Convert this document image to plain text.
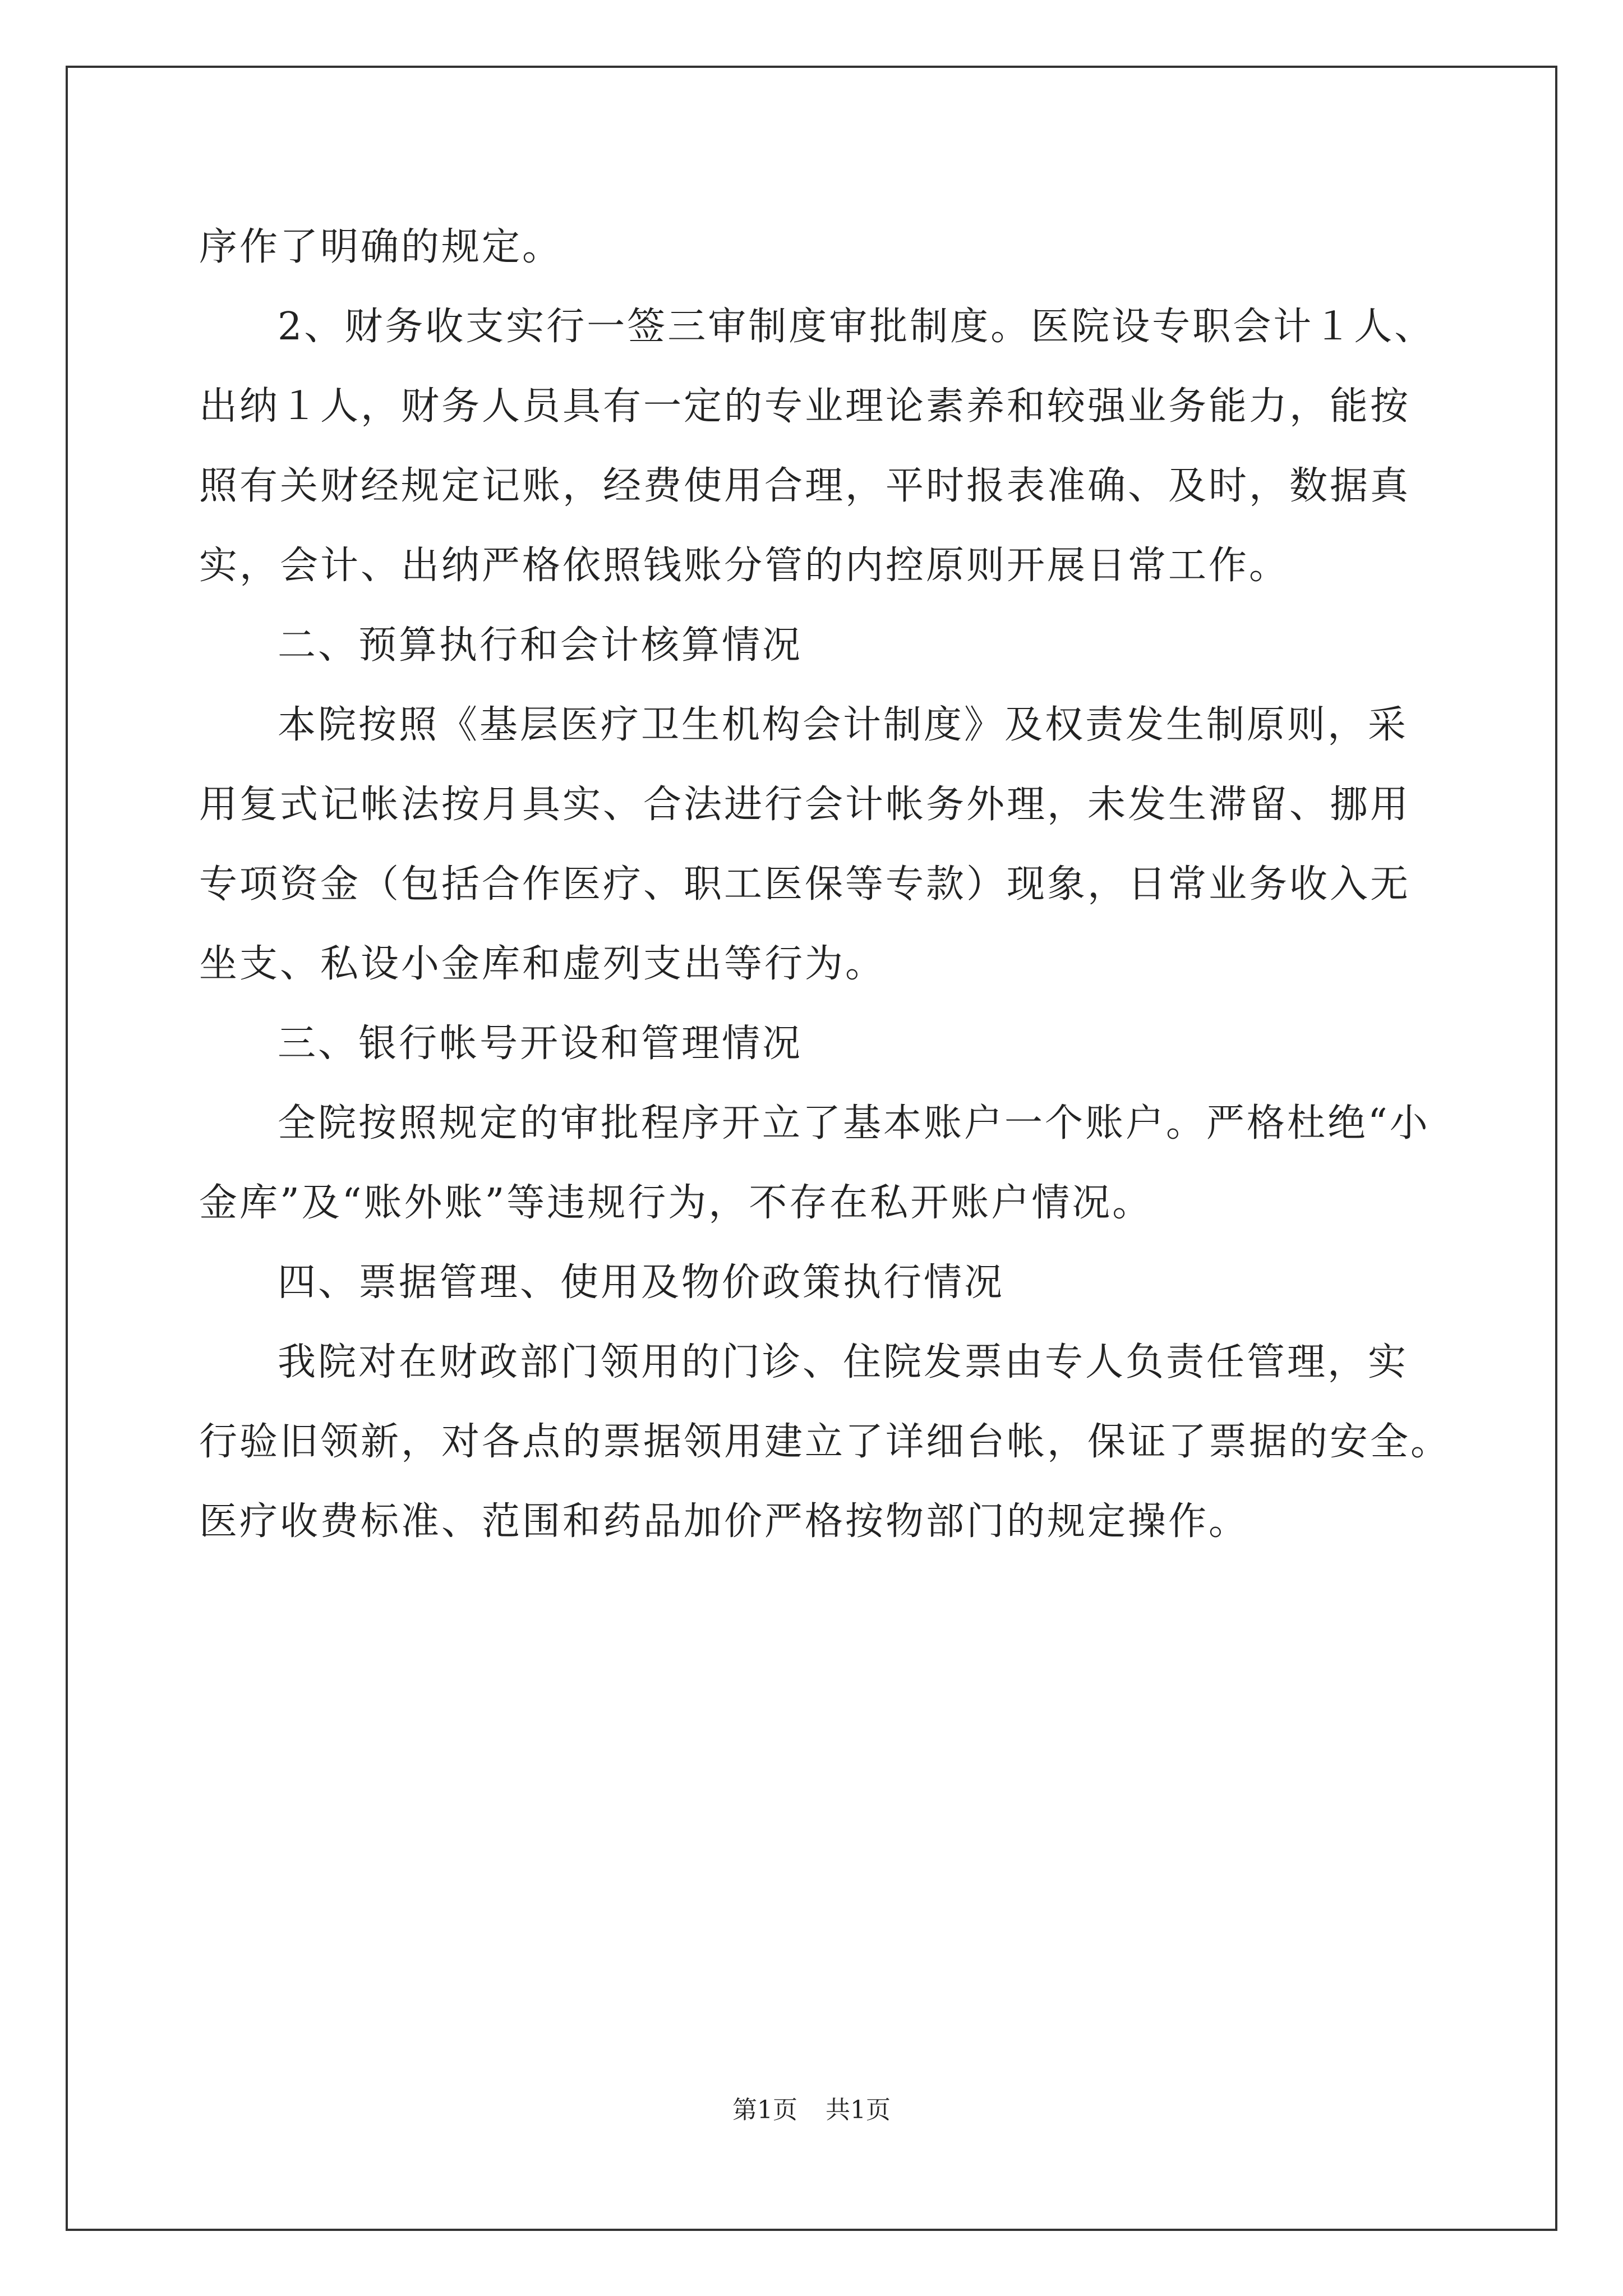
序作了明确的规定。

2、财务收支实行一签三审制度审批制度。医院设专职会计１人、

出纳１人，财务人员具有一定的专业理论素养和较强业务能力，能按

照有关财经规定记账，经费使用合理，平时报表准确、及时，数据真

实，会计、出纳严格依照钱账分管的内控原则开展日常工作。

二、预算执行和会计核算情况

本院按照《基层医疗卫生机构会计制度》及权责发生制原则，采

用复式记帐法按月具实、合法进行会计帐务外理，未发生滞留、挪用

专项资金（包括合作医疗、职工医保等专款）现象，日常业务收入无

坐支、私设小金库和虚列支出等行为。

三、银行帐号开设和管理情况

全院按照规定的审批程序开立了基本账户一个账户。严格杜绝“小

金库”及“账外账”等违规行为，不存在私开账户情况。

四、票据管理、使用及物价政策执行情况

我院对在财政部门领用的门诊、住院发票由专人负责任管理，实

行验旧领新，对各点的票据领用建立了详细台帐，保证了票据的安全。

医疗收费标准、范围和药品加价严格按物部门的规定操作。

第1页 共1页
